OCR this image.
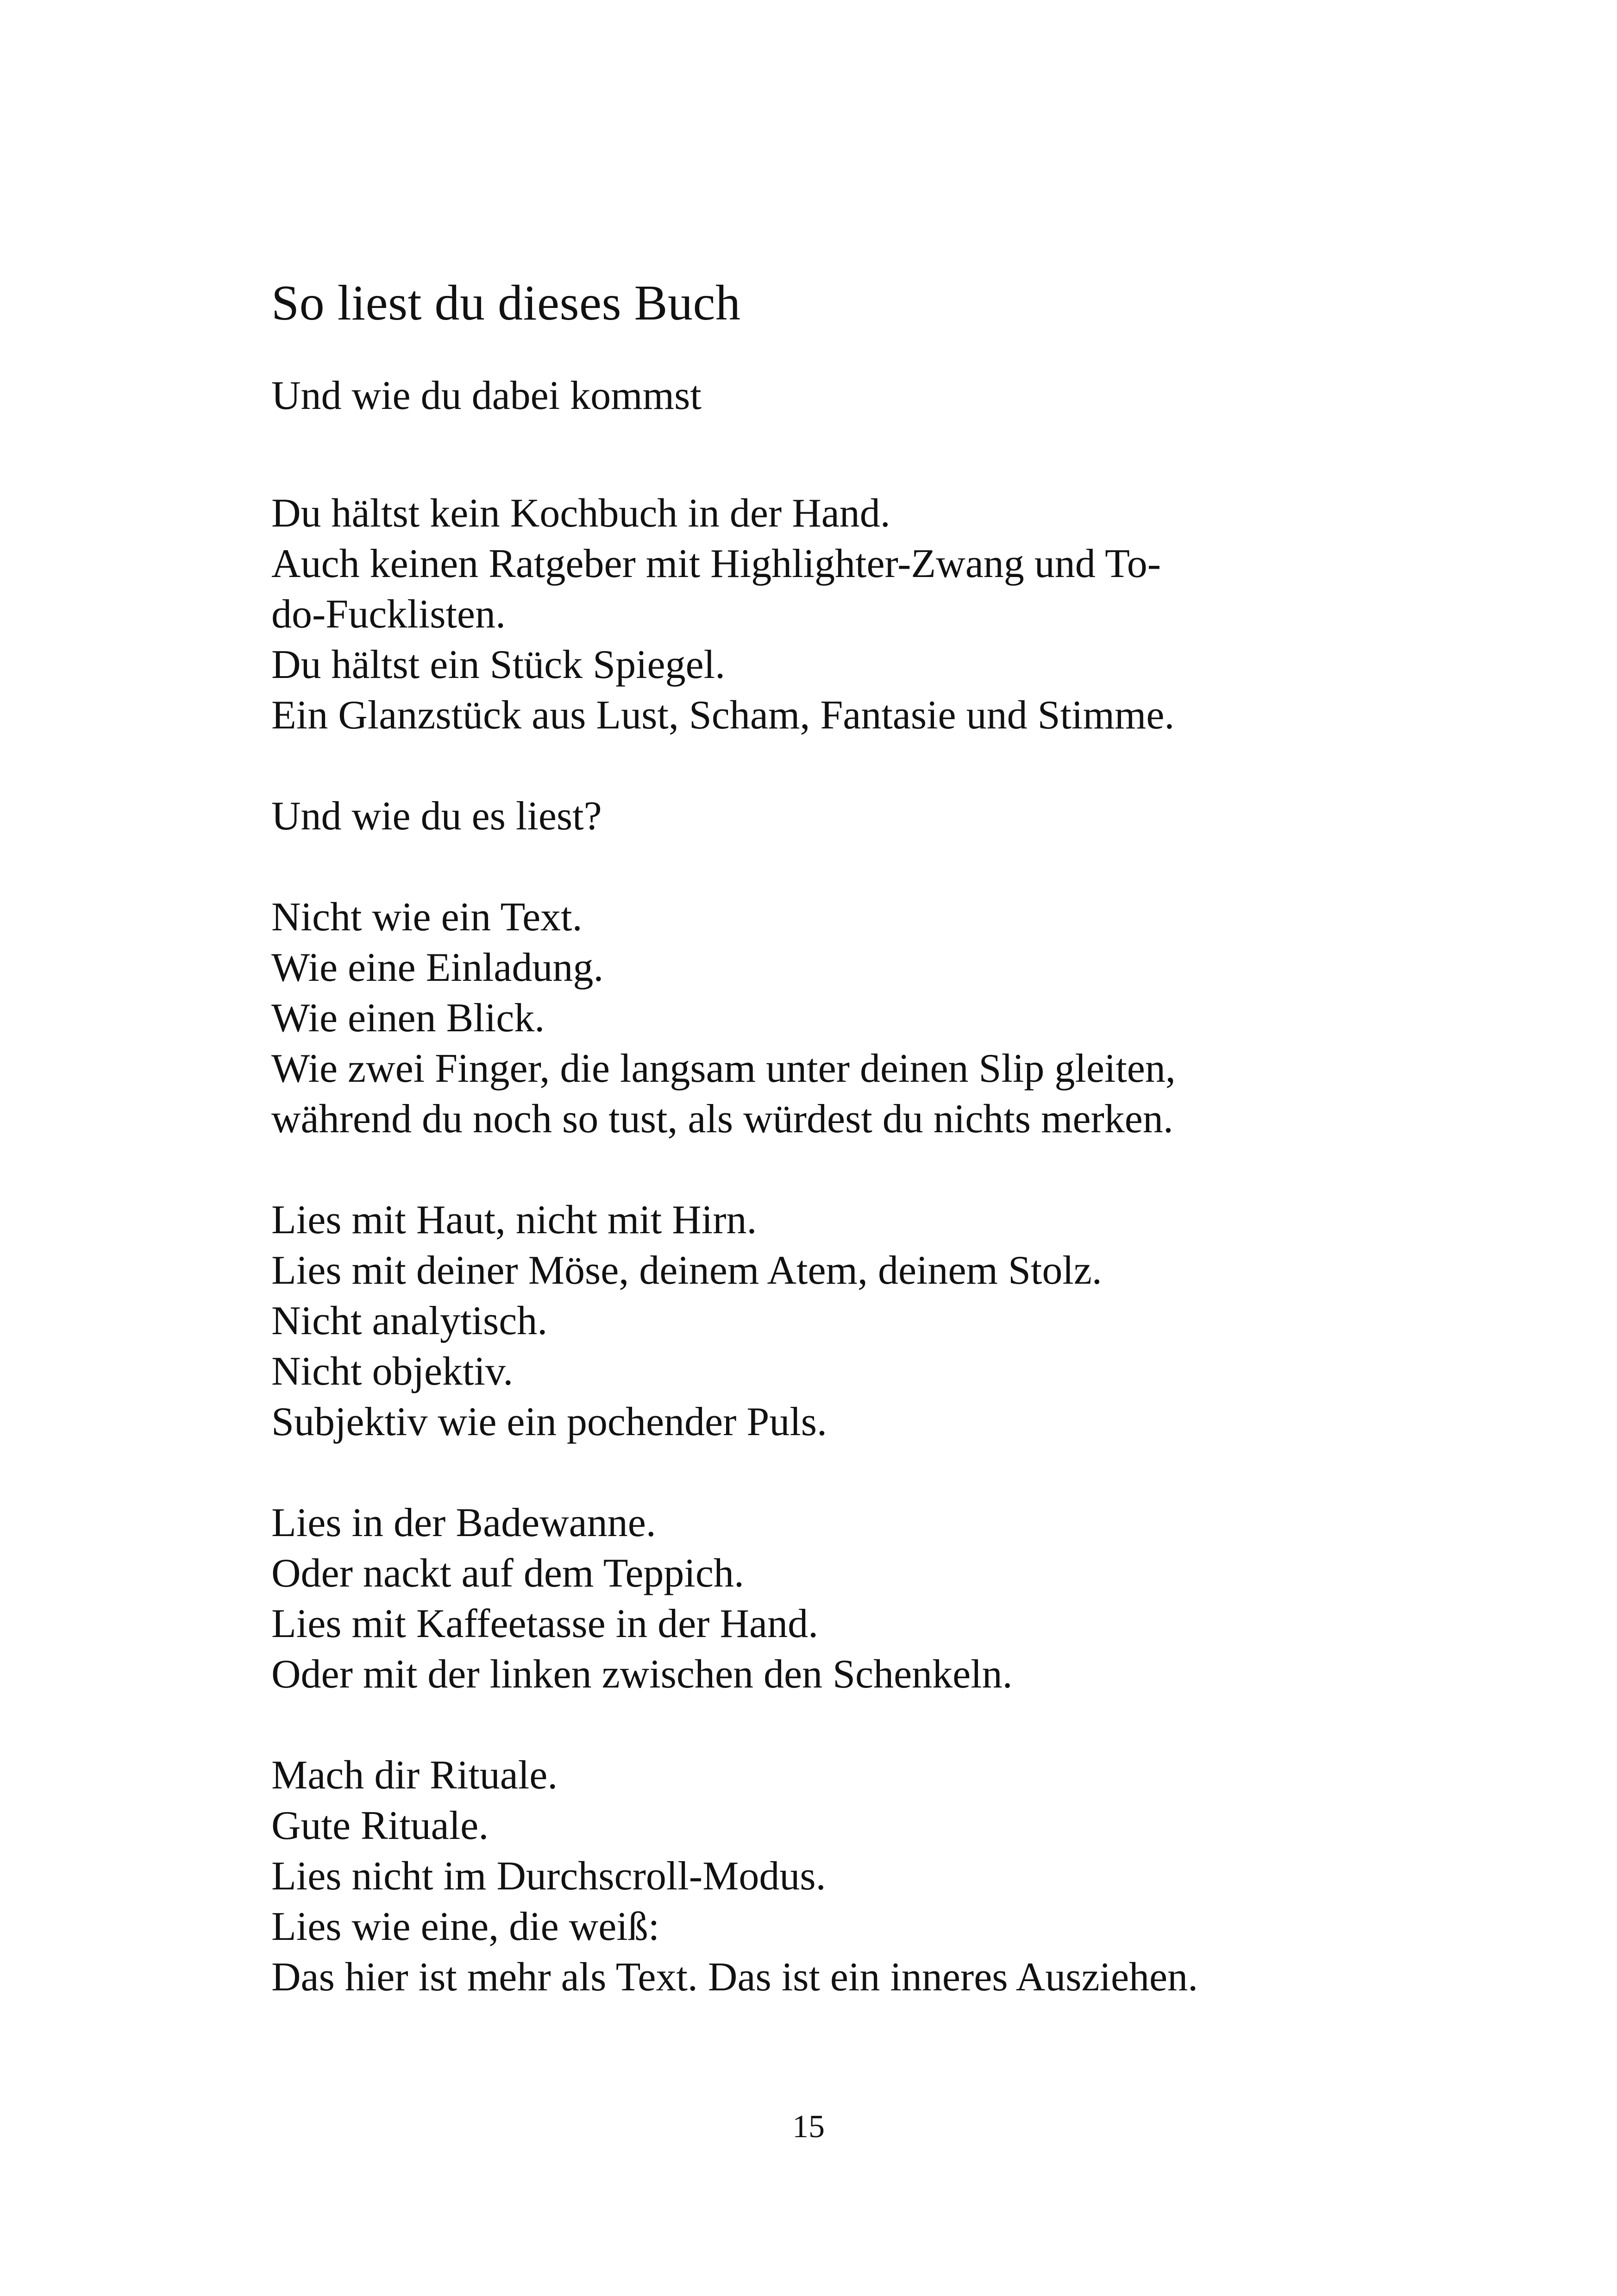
So liest du dieses Buch
Und wie du dabei kommst
Du hältst kein Kochbuch in der Hand.
Auch keinen Ratgeber mit Highlighter-Zwang und To-
do-Fucklisten.
Du hältst ein Stück Spiegel.
Ein Glanzstück aus Lust, Scham, Fantasie und Stimme.
Und wie du es liest?
Nicht wie ein Text.
Wie eine Einladung.
Wie einen Blick.
Wie zwei Finger, die langsam unter deinen Slip gleiten,
während du noch so tust, als würdest du nichts merken.
Lies mit Haut, nicht mit Hirn.
Lies mit deiner Möse, deinem Atem, deinem Stolz.
Nicht analytisch.
Nicht objektiv.
Subjektiv wie ein pochender Puls.
Lies in der Badewanne.
Oder nackt auf dem Teppich.
Lies mit Kaffeetasse in der Hand.
Oder mit der linken zwischen den Schenkeln.
Mach dir Rituale.
Gute Rituale.
Lies nicht im Durchscroll-Modus.
Lies wie eine, die weiß:
Das hier ist mehr als Text. Das ist ein inneres Ausziehen.
15
